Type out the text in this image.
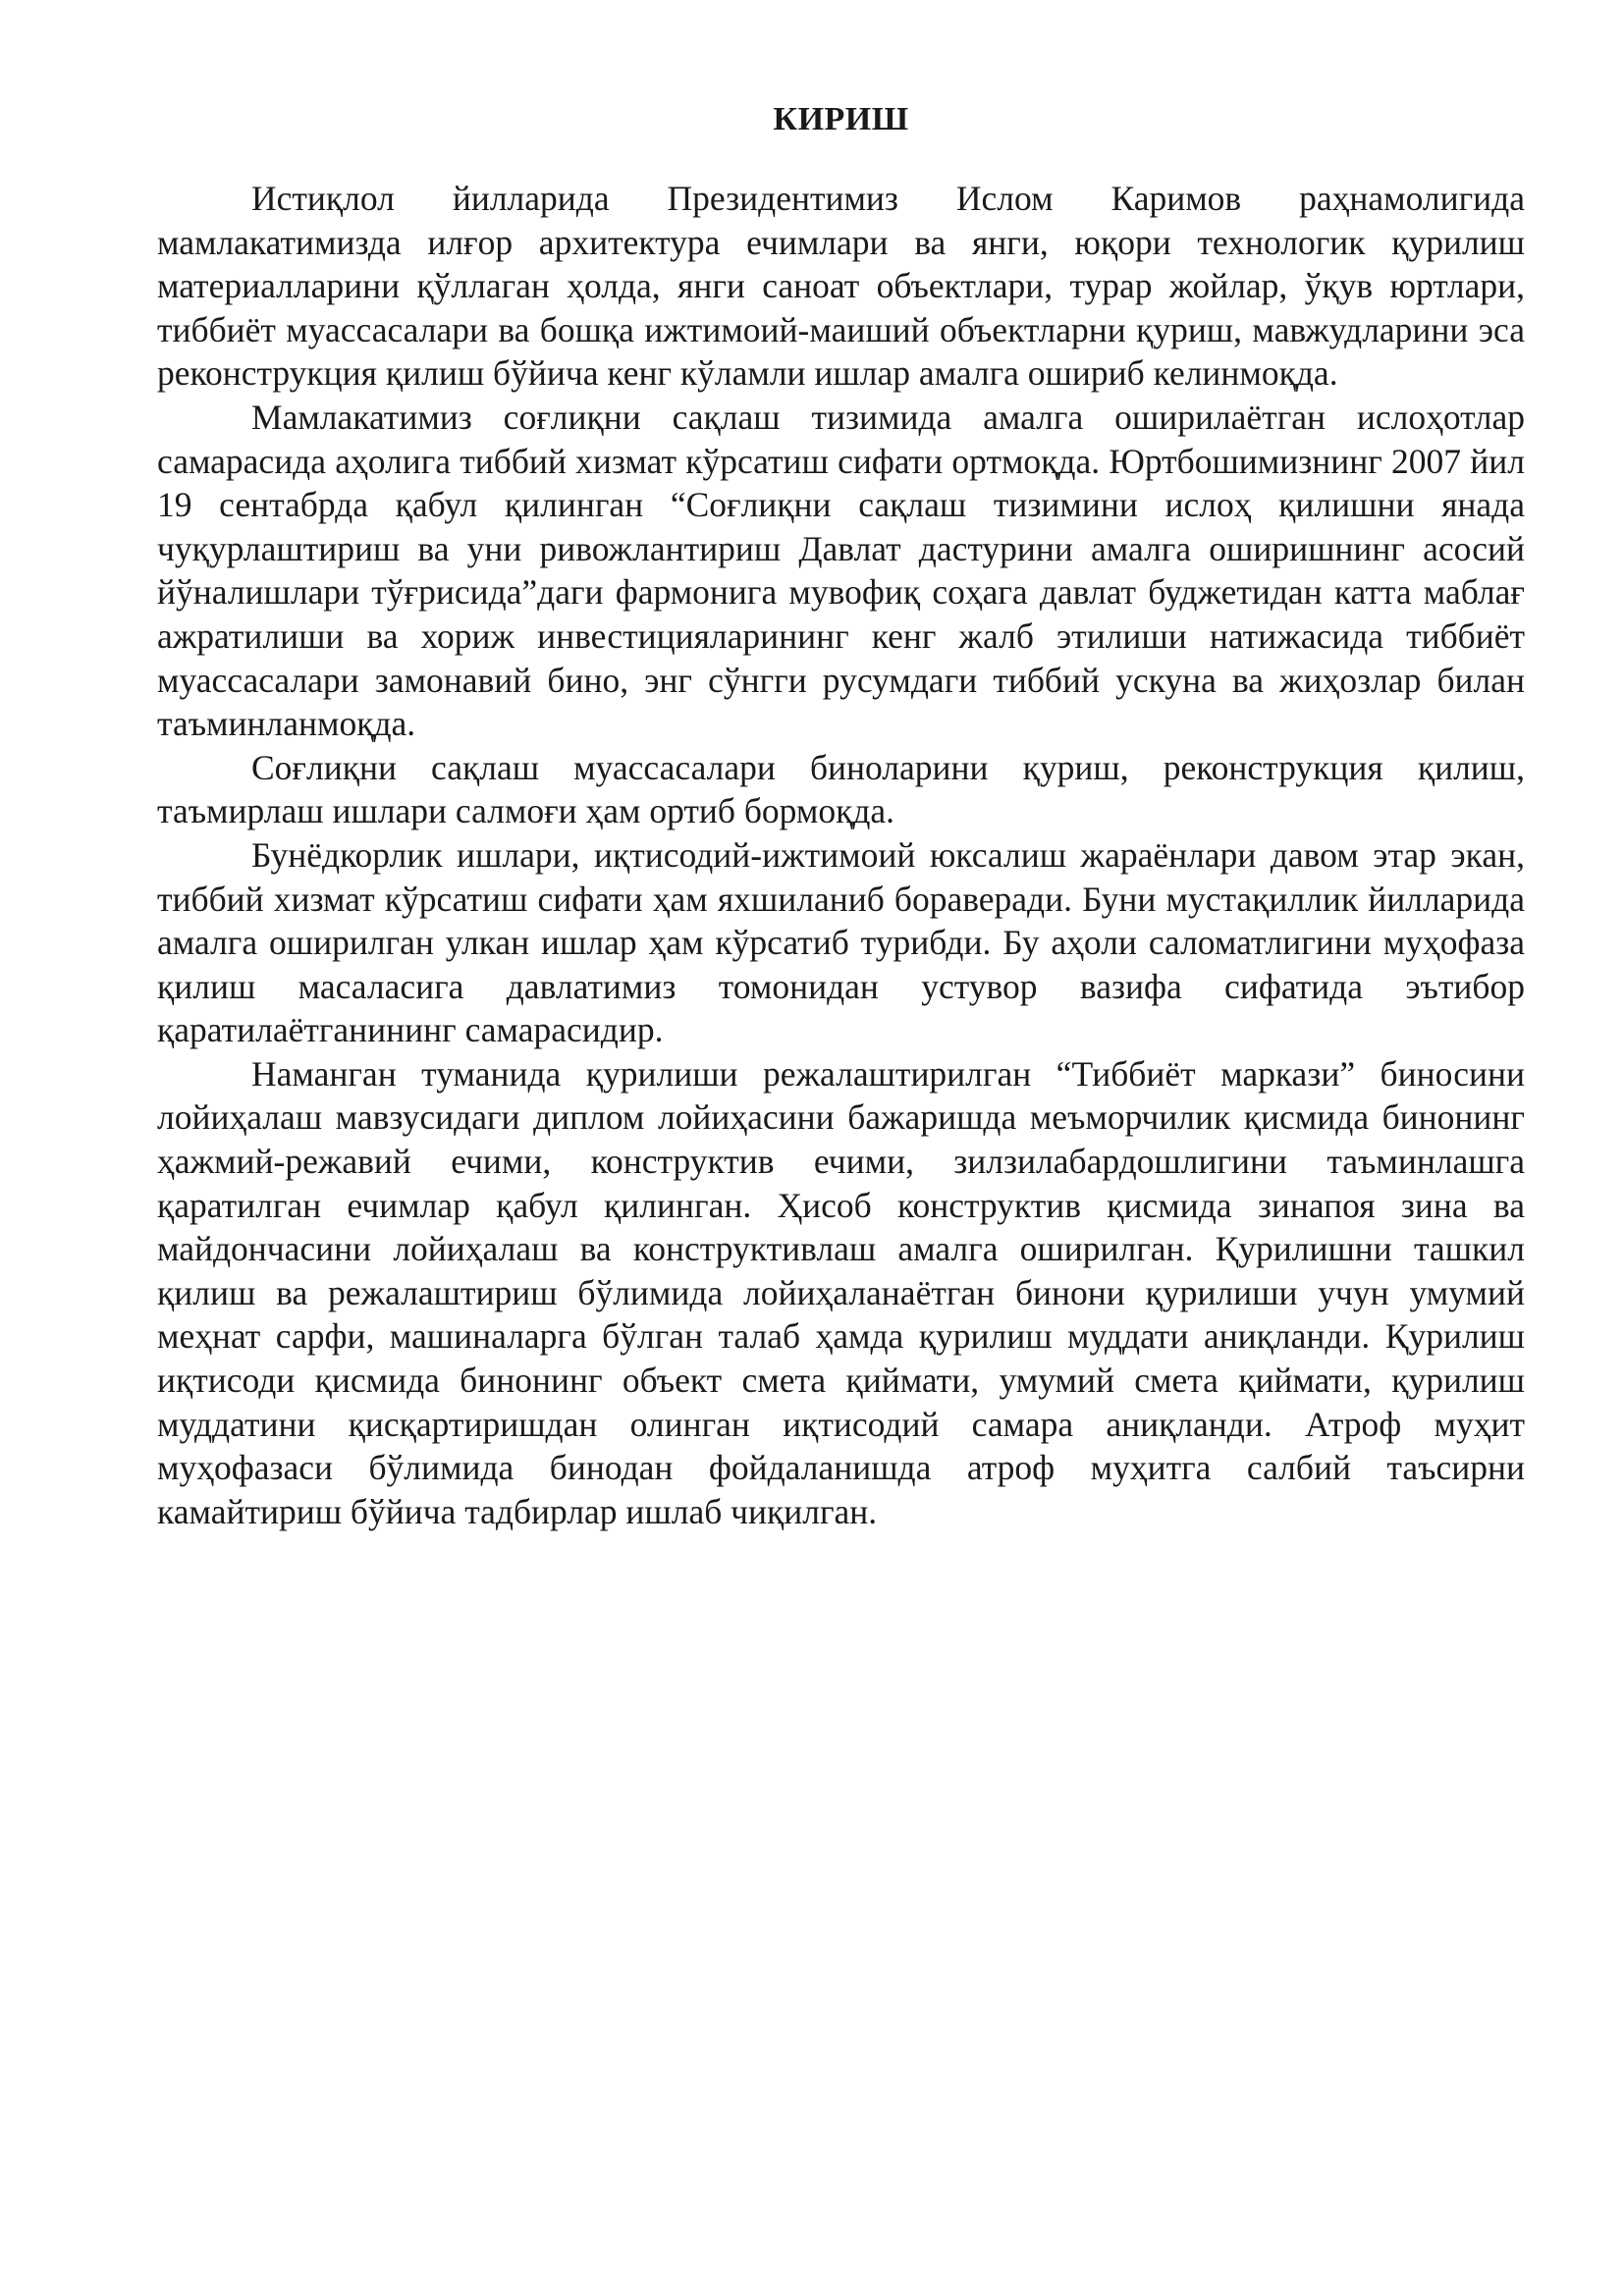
КИРИШ

Истиқлол йилларида Президентимиз Ислом Каримов раҳнамолигида мамлакатимизда илғор архитектура ечимлари ва янги, юқори технологик қурилиш материалларини қўллаган ҳолда, янги саноат объектлари, турар жойлар, ўқув юртлари, тиббиёт муассасалари ва бошқа ижтимоий-маиший объектларни қуриш, мавжудларини эса реконструкция қилиш бўйича кенг кўламли ишлар амалга ошириб келинмоқда.

Мамлакатимиз соғлиқни сақлаш тизимида амалга оширилаётган ислоҳотлар самарасида аҳолига тиббий хизмат кўрсатиш сифати ортмоқда. Юртбошимизнинг 2007 йил 19 сентабрда қабул қилинган “Соғлиқни сақлаш тизимини ислоҳ қилишни янада чуқурлаштириш ва уни ривожлантириш Давлат дастурини амалга оширишнинг асосий йўналишлари тўғрисида”даги фармонига мувофиқ соҳага давлат буджетидан катта маблағ ажратилиши ва хориж инвестицияларининг кенг жалб этилиши натижасида тиббиёт муассасалари замонавий бино, энг сўнгги русумдаги тиббий ускуна ва жиҳозлар билан таъминланмоқда.

Соғлиқни сақлаш муассасалари биноларини қуриш, реконструкция қилиш, таъмирлаш ишлари салмоғи ҳам ортиб бормоқда.

Бунёдкорлик ишлари, иқтисодий-ижтимоий юксалиш жараёнлари давом этар экан, тиббий хизмат кўрсатиш сифати ҳам яхшиланиб бораверади. Буни мустақиллик йилларида амалга оширилган улкан ишлар ҳам кўрсатиб турибди. Бу аҳоли саломатлигини муҳофаза қилиш масаласига давлатимиз томонидан устувор вазифа сифатида эътибор қаратилаётганининг самарасидир.

Наманган туманида қурилиши режалаштирилган “Тиббиёт маркази” биносини лойиҳалаш мавзусидаги диплом лойиҳасини бажаришда меъморчилик қисмида бинонинг ҳажмий-режавий ечими, конструктив ечими, зилзилабардошлигини таъминлашга қаратилган ечимлар қабул қилинган. Ҳисоб конструктив қисмида зинапоя зина ва майдончасини лойиҳалаш ва конструктивлаш амалга оширилган. Қурилишни ташкил қилиш ва режалаштириш бўлимида лойиҳаланаётган бинони қурилиши учун умумий меҳнат сарфи, машиналарга бўлган талаб ҳамда қурилиш муддати аниқланди. Қурилиш иқтисоди қисмида бинонинг объект смета қиймати, умумий смета қиймати, қурилиш муддатини қисқартиришдан олинган иқтисодий самара аниқланди. Атроф муҳит муҳофазаси бўлимида бинодан фойдаланишда атроф муҳитга салбий таъсирни камайтириш бўйича тадбирлар ишлаб чиқилган.
